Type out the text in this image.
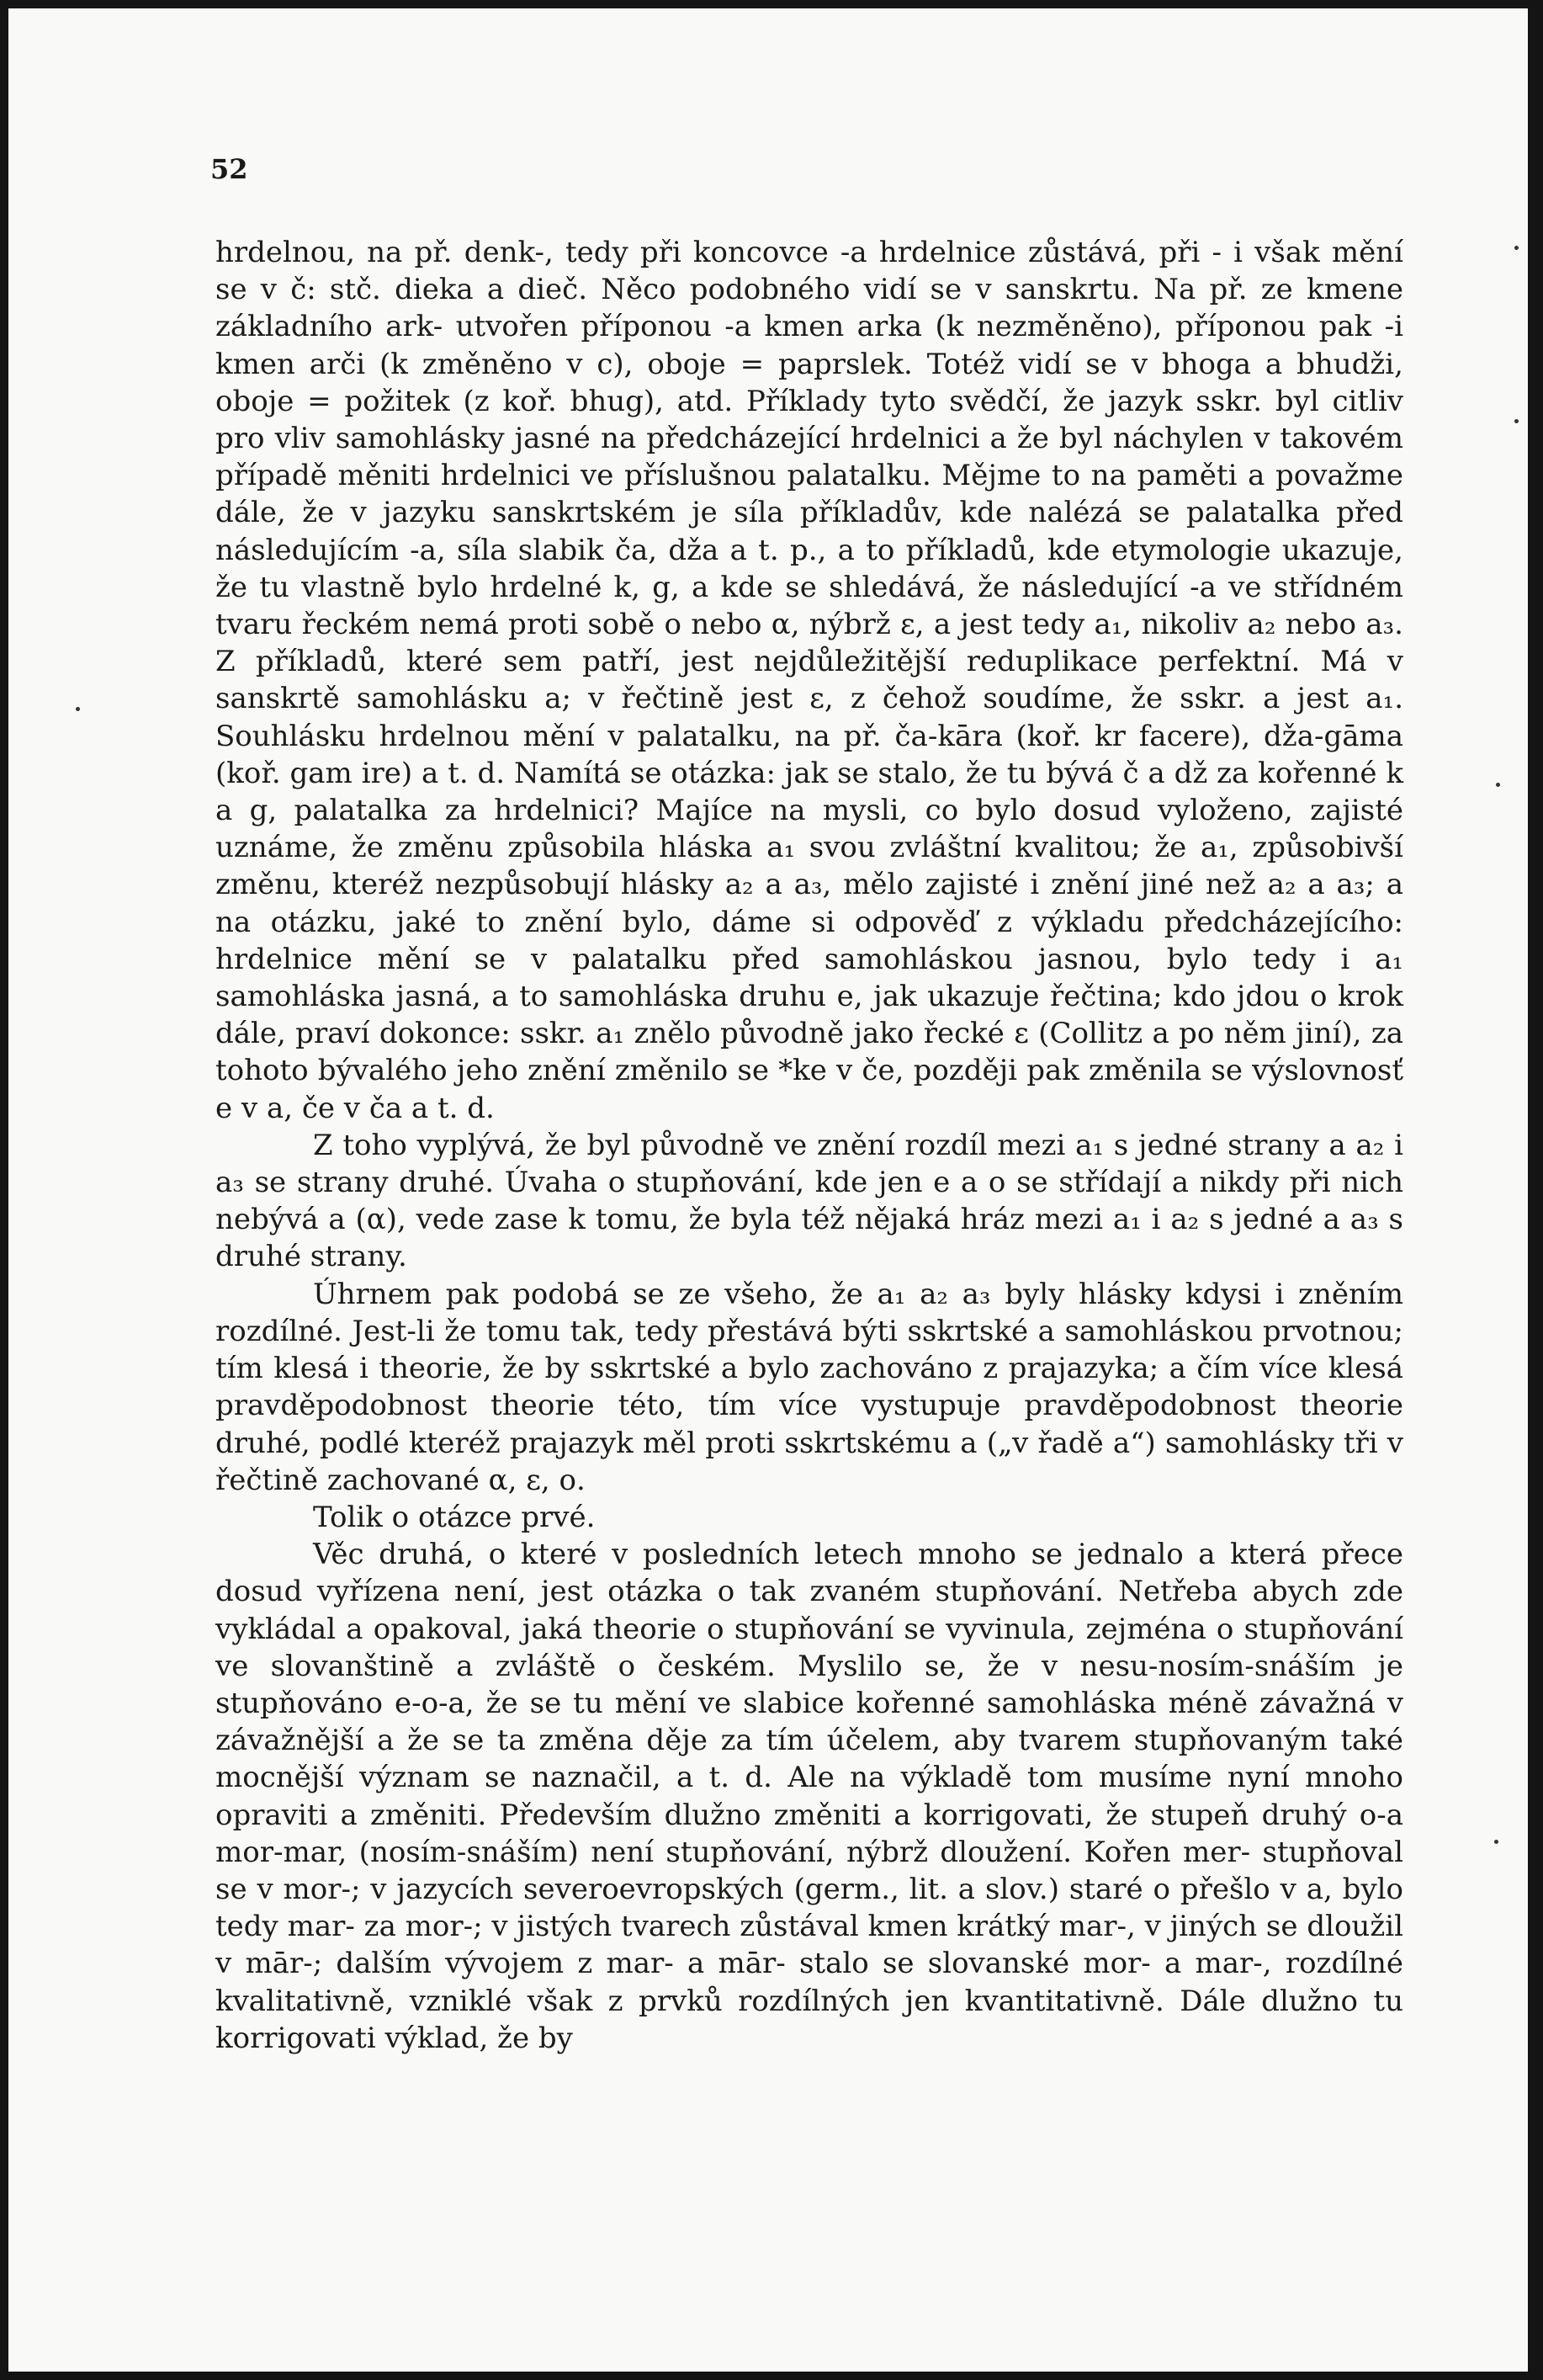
52

hrdelnou, na př. denk-, tedy při koncovce -a hrdelnice zůstává, při - i však mění se v č: stč. dieka a dieč. Něco podobného vidí se v sanskrtu. Na př. ze kmene základního ark- utvořen příponou -a kmen arka (k nezměněno), příponou pak -i kmen arči (k změněno v c), oboje = paprslek. Totéž vidí se v bhoga a bhudži, oboje = požitek (z koř. bhug), atd. Příklady tyto svědčí, že jazyk sskr. byl citliv pro vliv samohlásky jasné na předcházející hrdelnici a že byl náchylen v takovém případě měniti hrdelnici ve příslušnou palatalku. Mějme to na paměti a považme dále, že v jazyku sanskrtském je síla příkladův, kde nalézá se palatalka před následujícím -a, síla slabik ča, dža a t. p., a to příkladů, kde etymologie ukazuje, že tu vlastně bylo hrdelné k, g, a kde se shledává, že následující -a ve střídném tvaru řeckém nemá proti sobě o nebo α, nýbrž ε, a jest tedy a₁, nikoliv a₂ nebo a₃. Z příkladů, které sem patří, jest nejdůležitější reduplikace perfektní. Má v sanskrtě samohlásku a; v řečtině jest ε, z čehož soudíme, že sskr. a jest a₁. Souhlásku hrdelnou mění v palatalku, na př. ča-kāra (koř. kr facere), dža-gāma (koř. gam ire) a t. d. Namítá se otázka: jak se stalo, že tu bývá č a dž za kořenné k a g, palatalka za hrdelnici? Majíce na mysli, co bylo dosud vyloženo, zajisté uznáme, že změnu způsobila hláska a₁ svou zvláštní kvalitou; že a₁, způsobivší změnu, kteréž nezpůsobují hlásky a₂ a a₃, mělo zajisté i znění jiné než a₂ a a₃; a na otázku, jaké to znění bylo, dáme si odpověď z výkladu předcházejícího: hrdelnice mění se v palatalku před samohláskou jasnou, bylo tedy i a₁ samohláska jasná, a to samohláska druhu e, jak ukazuje řečtina; kdo jdou o krok dále, praví dokonce: sskr. a₁ znělo původně jako řecké ε (Collitz a po něm jiní), za tohoto bývalého jeho znění změnilo se *ke v če, později pak změnila se výslovnosť e v a, če v ča a t. d.

Z toho vyplývá, že byl původně ve znění rozdíl mezi a₁ s jedné strany a a₂ i a₃ se strany druhé. Úvaha o stupňování, kde jen e a o se střídají a nikdy při nich nebývá a (α), vede zase k tomu, že byla též nějaká hráz mezi a₁ i a₂ s jedné a a₃ s druhé strany.

Úhrnem pak podobá se ze všeho, že a₁ a₂ a₃ byly hlásky kdysi i zněním rozdílné. Jest-li že tomu tak, tedy přestává býti sskrtské a samohláskou prvotnou; tím klesá i theorie, že by sskrtské a bylo zachováno z prajazyka; a čím více klesá pravděpodobnost theorie této, tím více vystupuje pravděpodobnost theorie druhé, podlé kteréž prajazyk měl proti sskrtskému a („v řadě a“) samohlásky tři v řečtině zachované α, ε, ο.

Tolik o otázce prvé.

Věc druhá, o které v posledních letech mnoho se jednalo a která přece dosud vyřízena není, jest otázka o tak zvaném stupňování. Netřeba abych zde vykládal a opakoval, jaká theorie o stupňování se vyvinula, zejména o stupňování ve slovanštině a zvláště o českém. Myslilo se, že v nesu-nosím-snáším je stupňováno e-o-a, že se tu mění ve slabice kořenné samohláska méně závažná v závažnější a že se ta změna děje za tím účelem, aby tvarem stupňovaným také mocnější význam se naznačil, a t. d. Ale na výkladě tom musíme nyní mnoho opraviti a změniti. Především dlužno změniti a korrigovati, že stupeň druhý o-a mor-mar, (nosím-snáším) není stupňování, nýbrž dloužení. Kořen mer- stupňoval se v mor-; v jazycích severoevropských (germ., lit. a slov.) staré o přešlo v a, bylo tedy mar- za mor-; v jistých tvarech zůstával kmen krátký mar-, v jiných se dloužil v mār-; dalším vývojem z mar- a mār- stalo se slovanské mor- a mar-, rozdílné kvalitativně, vzniklé však z prvků rozdílných jen kvantitativně. Dále dlužno tu korrigovati výklad, že by
